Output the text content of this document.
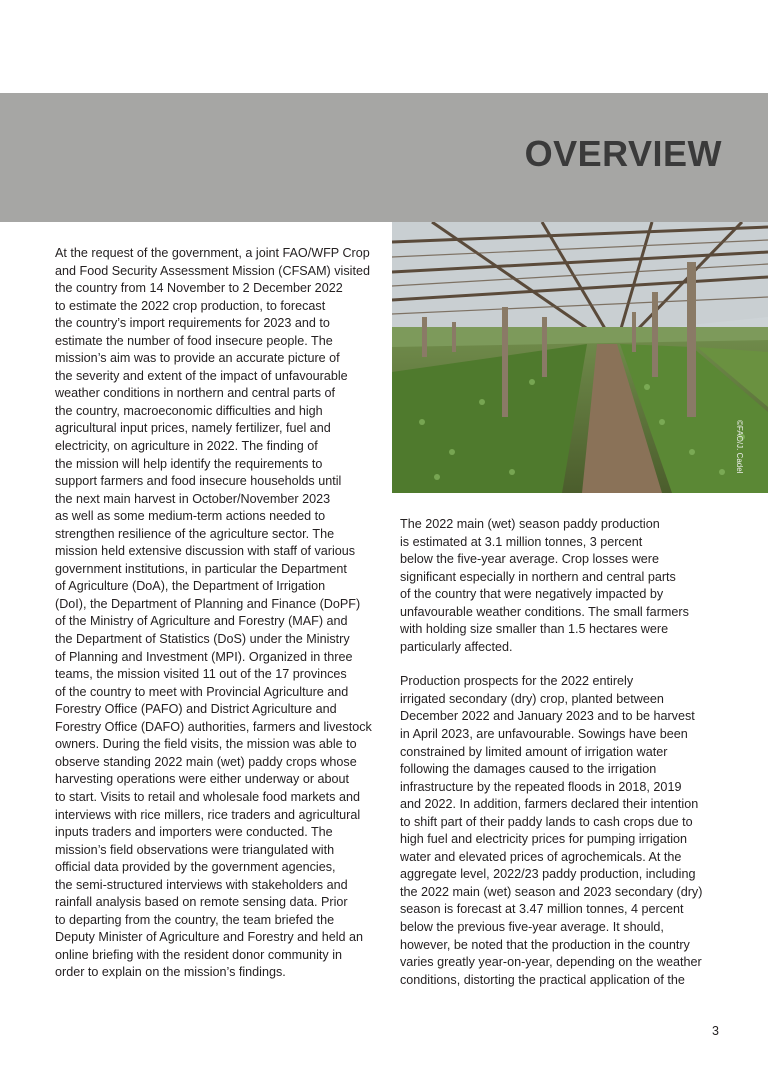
OVERVIEW
©FAO/J. Cadel

At the request of the government, a joint FAO/WFP Crop
and Food Security Assessment Mission (CFSAM) visited
the country from 14 November to 2 December 2022
to estimate the 2022 crop production, to forecast
the country’s import requirements for 2023 and to
estimate the number of food insecure people. The
mission’s aim was to provide an accurate picture of
the severity and extent of the impact of unfavourable
weather conditions in northern and central parts of
the country, macroeconomic difficulties and high
agricultural input prices, namely fertilizer, fuel and
electricity, on agriculture in 2022. The finding of
the mission will help identify the requirements to
support farmers and food insecure households until
the next main harvest in October/November 2023
as well as some medium-term actions needed to
strengthen resilience of the agriculture sector. The
mission held extensive discussion with staff of various
government institutions, in particular the Department
of Agriculture (DoA), the Department of Irrigation
(DoI), the Department of Planning and Finance (DoPF)
of the Ministry of Agriculture and Forestry (MAF) and
the Department of Statistics (DoS) under the Ministry
of Planning and Investment (MPI). Organized in three
teams, the mission visited 11 out of the 17 provinces
of the country to meet with Provincial Agriculture and
Forestry Office (PAFO) and District Agriculture and
Forestry Office (DAFO) authorities, farmers and livestock
owners. During the field visits, the mission was able to
observe standing 2022 main (wet) paddy crops whose
harvesting operations were either underway or about
to start. Visits to retail and wholesale food markets and
interviews with rice millers, rice traders and agricultural
inputs traders and importers were conducted. The
mission’s field observations were triangulated with
official data provided by the government agencies,
the semi-structured interviews with stakeholders and
rainfall analysis based on remote sensing data. Prior
to departing from the country, the team briefed the
Deputy Minister of Agriculture and Forestry and held an
online briefing with the resident donor community in
order to explain on the mission’s findings.

The 2022 main (wet) season paddy production
is estimated at 3.1 million tonnes, 3 percent
below the five-year average. Crop losses were
significant especially in northern and central parts
of the country that were negatively impacted by
unfavourable weather conditions. The small farmers
with holding size smaller than 1.5 hectares were
particularly affected.

Production prospects for the 2022 entirely
irrigated secondary (dry) crop, planted between
December 2022 and January 2023 and to be harvest
in April 2023, are unfavourable. Sowings have been
constrained by limited amount of irrigation water
following the damages caused to the irrigation
infrastructure by the repeated floods in 2018, 2019
and 2022. In addition, farmers declared their intention
to shift part of their paddy lands to cash crops due to
high fuel and electricity prices for pumping irrigation
water and elevated prices of agrochemicals. At the
aggregate level, 2022/23 paddy production, including
the 2022 main (wet) season and 2023 secondary (dry)
season is forecast at 3.47 million tonnes, 4 percent
below the previous five-year average. It should,
however, be noted that the production in the country
varies greatly year-on-year, depending on the weather
conditions, distorting the practical application of the

3
